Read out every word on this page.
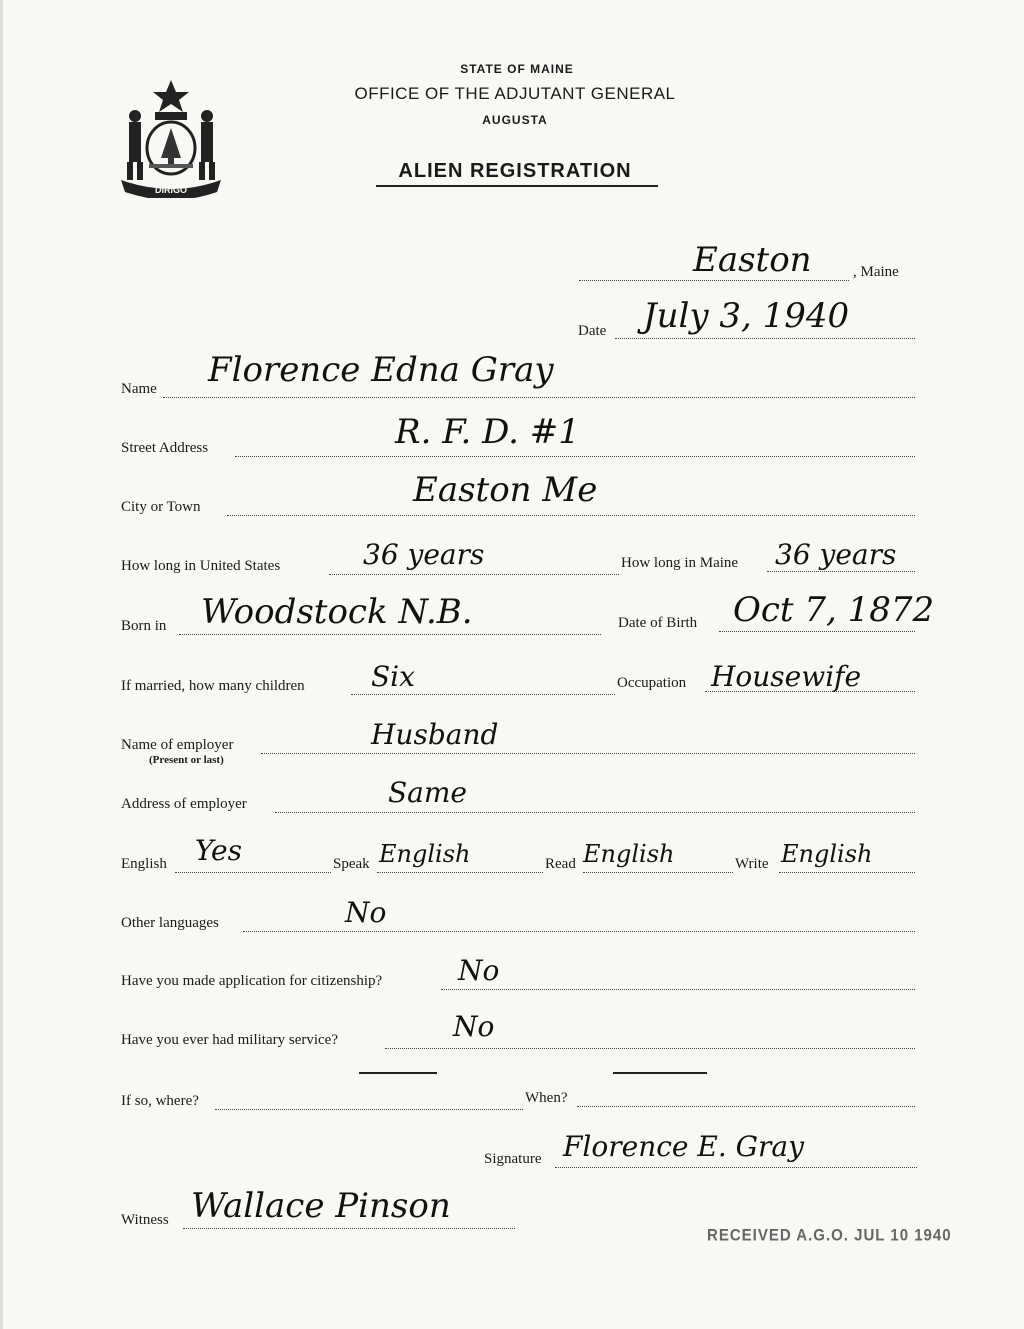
DIRIGO
STATE OF MAINE
OFFICE OF THE ADJUTANT GENERAL
AUGUSTA
ALIEN REGISTRATION
Easton	, Maine
Date July 3, 1940
Name Florence Edna Gray
Street Address	R. F. D. #1
City or Town	Easton Me
How long in United States	36 years	How long in Maine 36 years
Born in Woodstock N.B.	Date of Birth Oct 7, 1872
If married, how many children Six	Occupation Housewife
Name of employer
(Present or last)
Husband
Address of employer	Same
English Yes	Speak English	Read English	Write English
Other languages	No
Have you made application for citizenship?	No
Have you ever had military service?	No
If so, where?	When?
Signature Florence E. Gray
Witness Wallace Pinson
RECEIVED A.G.O. JUL 10 1940
